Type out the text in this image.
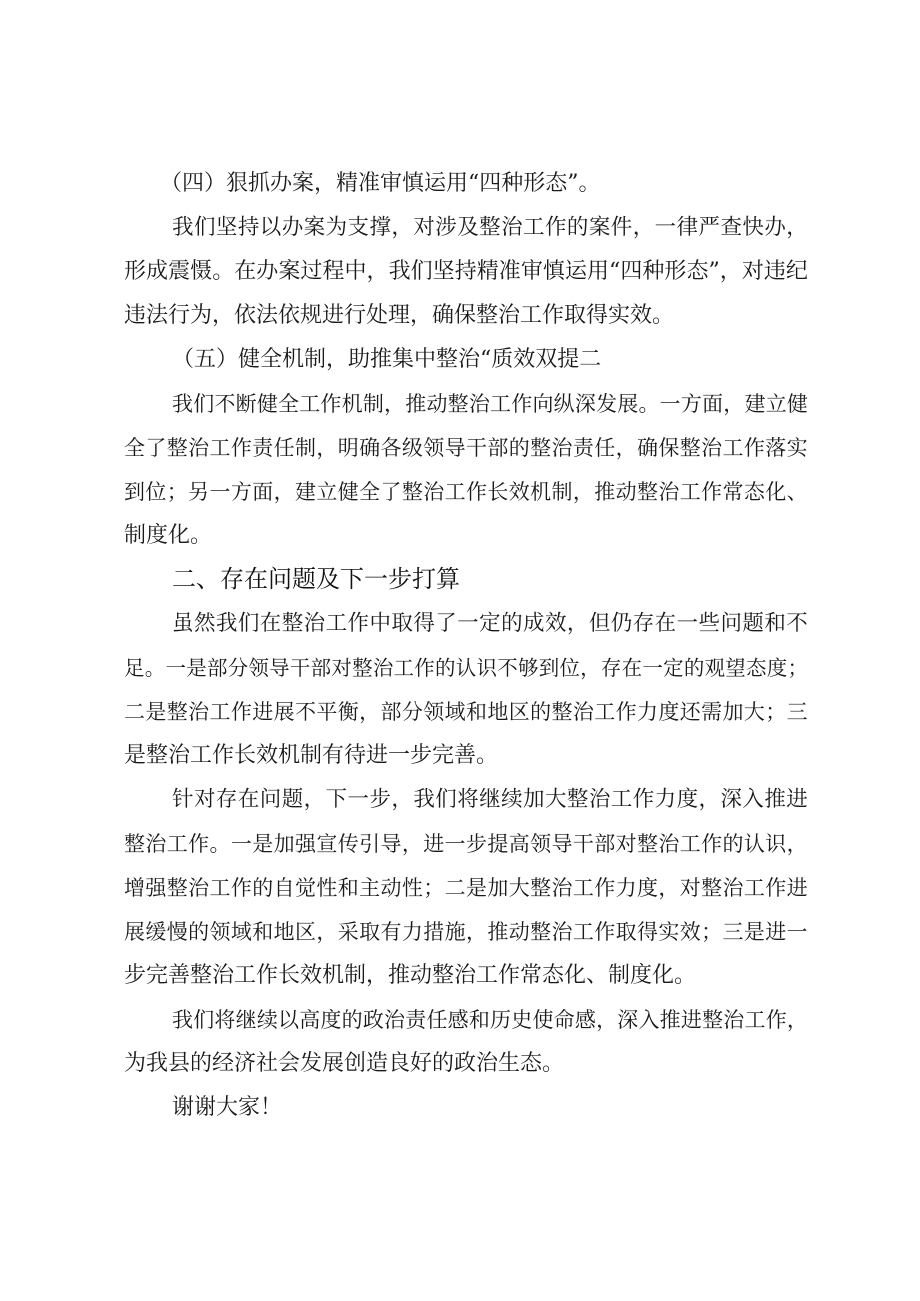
（四）狠抓办案，精准审慎运用“四种形态”。

我 们 坚 持 以 办 案 为 支 撑 ， 对 涉 及 整 治 工 作 的 案 件 ， 一 律 严 查 快 办 ，

形 成 震 慑 。 在 办 案 过 程 中 ， 我 们 坚 持 精 准 审 慎 运 用 “ 四 种 形 态 ” ， 对 违 纪

违法行为，依法依规进行处理，确保整治工作取得实效。

（五）健全机制，助推集中整治“质效双提二

我 们 不 断 健 全 工 作 机 制 ， 推 动 整 治 工 作 向 纵 深 发 展 。 一 方 面 ， 建 立 健

全 了 整 治 工 作 责 任 制 ， 明 确 各 级 领 导 干 部 的 整 治 责 任 ， 确 保 整 治 工 作 落 实

到 位 ； 另 一 方 面 ， 建 立 健 全 了 整 治 工 作 长 效 机 制 ， 推 动 整 治 工 作 常 态 化 、

制度化。

二、存在问题及下一步打算

虽 然 我 们 在 整 治 工 作 中 取 得 了 一 定 的 成 效 ， 但 仍 存 在 一 些 问 题 和 不

足 。 一 是 部 分 领 导 干 部 对 整 治 工 作 的 认 识 不 够 到 位 ， 存 在 一 定 的 观 望 态 度 ；

二 是 整 治 工 作 进 展 不 平 衡 ， 部 分 领 域 和 地 区 的 整 治 工 作 力 度 还 需 加 大 ； 三

是整治工作长效机制有待进一步完善。

针 对 存 在 问 题 ， 下 一 步 ， 我 们 将 继 续 加 大 整 治 工 作 力 度 ， 深 入 推 进

整 治 工 作 。 一 是 加 强 宣 传 引 导 ， 进 一 步 提 高 领 导 干 部 对 整 治 工 作 的 认 识 ，

增 强 整 治 工 作 的 自 觉 性 和 主 动 性 ； 二 是 加 大 整 治 工 作 力 度 ， 对 整 治 工 作 进

展 缓 慢 的 领 域 和 地 区 ， 采 取 有 力 措 施 ， 推 动 整 治 工 作 取 得 实 效 ； 三 是 进 一

步完善整治工作长效机制，推动整治工作常态化、制度化。

我 们 将 继 续 以 高 度 的 政 治 责 任 感 和 历 史 使 命 感 ， 深 入 推 进 整 治 工 作 ，

为我县的经济社会发展创造良好的政治生态。

谢谢大家！
